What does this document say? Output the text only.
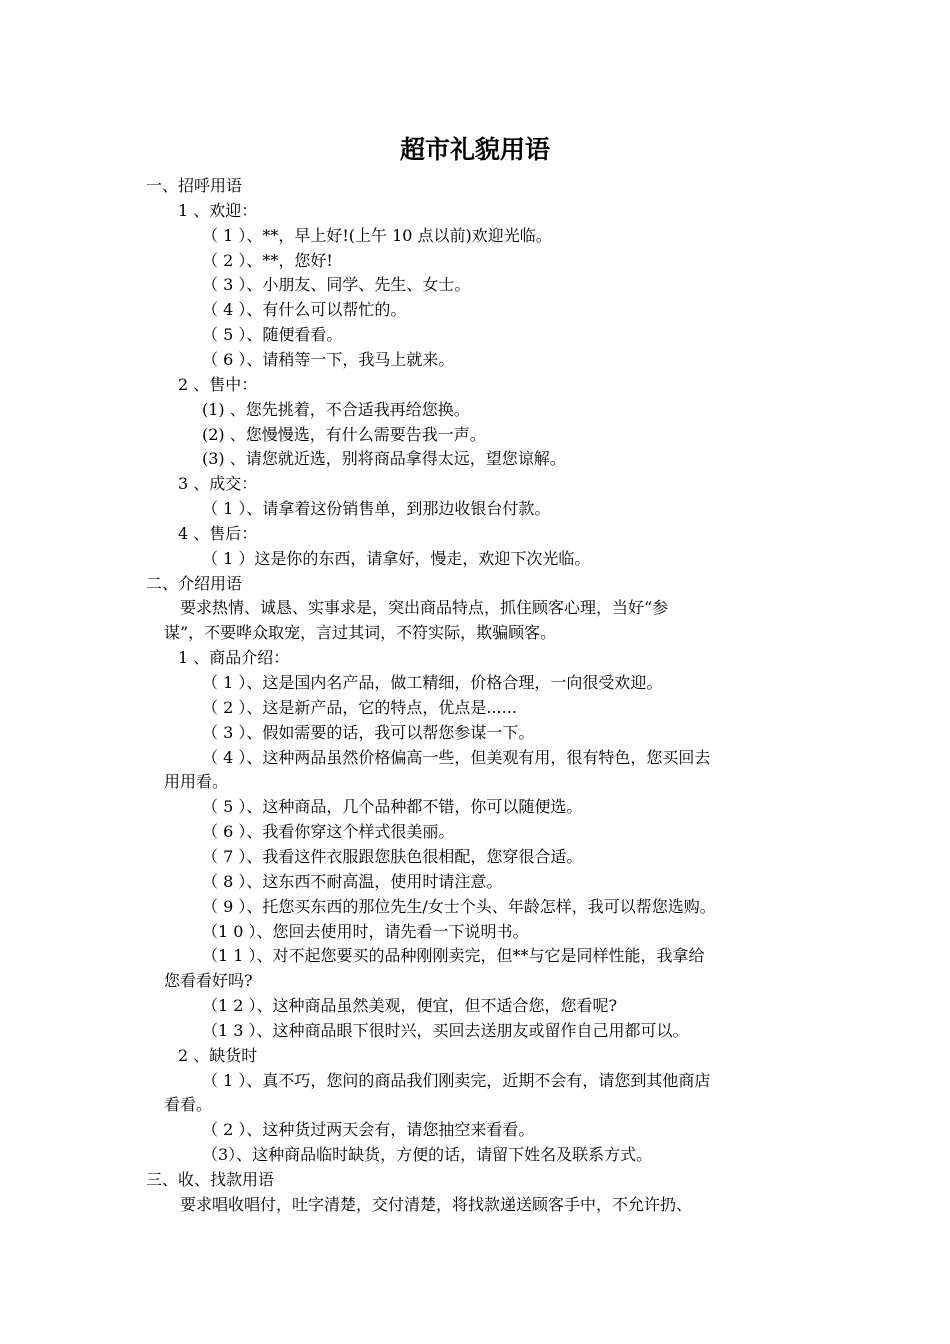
超市礼貌用语
一、招呼用语
1 、欢迎：
（ 1 ）、**，早上好!(上午 10 点以前)欢迎光临。
（ 2 ）、**，您好!
（ 3 ）、小朋友、同学、先生、女士。
（ 4 ）、有什么可以帮忙的。
（ 5 ）、随便看看。
（ 6 ）、请稍等一下，我马上就来。
2 、售中：
(1) 、您先挑着，不合适我再给您换。
(2) 、您慢慢选，有什么需要告我一声。
(3) 、请您就近选，别将商品拿得太远，望您谅解。
3 、成交：
（ 1 ）、请拿着这份销售单，到那边收银台付款。
4 、售后：
（ 1 ）这是你的东西，请拿好，慢走，欢迎下次光临。
二、介绍用语
要求热情、诚恳、实事求是，突出商品特点，抓住顾客心理，当好“参
谋”，不要哗众取宠，言过其词，不符实际，欺骗顾客。
1 、商品介绍：
（ 1 ）、这是国内名产品，做工精细，价格合理，一向很受欢迎。
（ 2 ）、这是新产品，它的特点，优点是......
（ 3 ）、假如需要的话，我可以帮您参谋一下。
（ 4 ）、这种两品虽然价格偏高一些，但美观有用，很有特色，您买回去
用用看。
（ 5 ）、这种商品，几个品种都不错，你可以随便选。
（ 6 ）、我看你穿这个样式很美丽。
（ 7 ）、我看这件衣服跟您肤色很相配，您穿很合适。
（ 8 ）、这东西不耐高温，使用时请注意。
（ 9 ）、托您买东西的那位先生/女士个头、年龄怎样，我可以帮您选购。
（1 0 ）、您回去使用时，请先看一下说明书。
（1 1 ）、对不起您要买的品种刚刚卖完，但**与它是同样性能，我拿给
您看看好吗?
（1 2 ）、这种商品虽然美观，便宜，但不适合您，您看呢?
（1 3 ）、这种商品眼下很时兴，买回去送朋友或留作自己用都可以。
2 、缺货时
（ 1 ）、真不巧，您问的商品我们刚卖完，近期不会有，请您到其他商店
看看。
（ 2 ）、这种货过两天会有，请您抽空来看看。
（3）、这种商品临时缺货，方便的话，请留下姓名及联系方式。
三、收、找款用语
要求唱收唱付，吐字清楚，交付清楚，将找款递送顾客手中，不允许扔、
